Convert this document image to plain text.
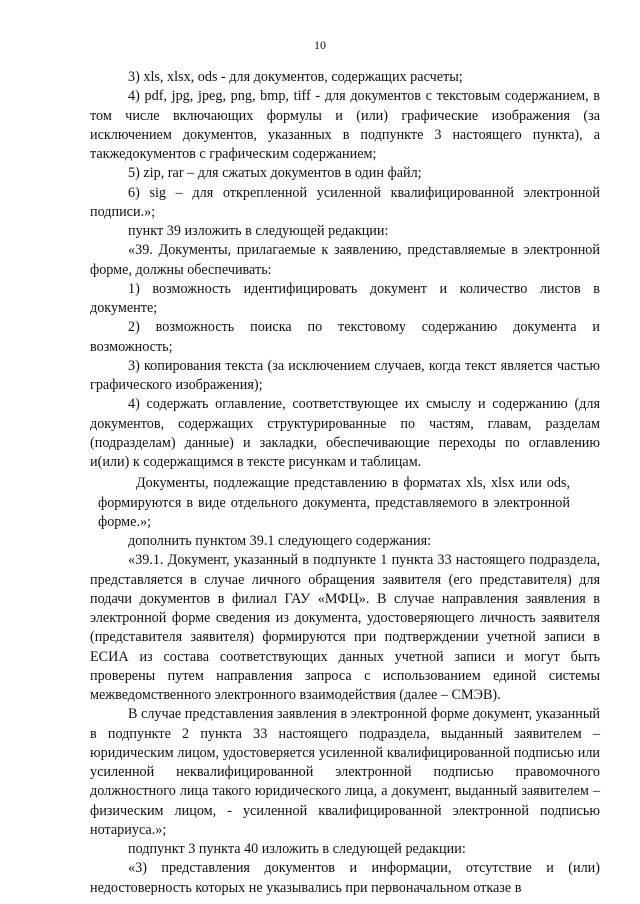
10

3) xls, xlsx, ods - для документов, содержащих расчеты;

4) pdf, jpg, jpeg, png, bmp, tiff - для документов с текстовым содержанием, в том числе включающих формулы и (или) графические изображения (за исключением документов, указанных в подпункте 3 настоящего пункта), а такжедокументов с графическим содержанием;

5) zip, rar – для сжатых документов в один файл;

6) sig – для открепленной усиленной квалифицированной электронной подписи.»;

пункт 39 изложить в следующей редакции:

«39. Документы, прилагаемые к заявлению, представляемые в электронной форме, должны обеспечивать:

1) возможность идентифицировать документ и количество листов в документе;

2) возможность поиска по текстовому содержанию документа и возможность;

3) копирования текста (за исключением случаев, когда текст является частью графического изображения);

4) содержать оглавление, соответствующее их смыслу и содержанию (для документов, содержащих структурированные по частям, главам, разделам (подразделам) данные) и закладки, обеспечивающие переходы по оглавлению и(или) к содержащимся в тексте рисункам и таблицам.

Документы, подлежащие представлению в форматах xls, xlsx или ods, формируются в виде отдельного документа, представляемого в электронной форме.»;

дополнить пунктом 39.1 следующего содержания:

«39.1. Документ, указанный в подпункте 1 пункта 33 настоящего подраздела, представляется в случае личного обращения заявителя (его представителя) для подачи документов в филиал ГАУ «МФЦ». В случае направления заявления в электронной форме сведения из документа, удостоверяющего личность заявителя (представителя заявителя) формируются при подтверждении учетной записи в ЕСИА из состава соответствующих данных учетной записи и могут быть проверены путем направления запроса с использованием единой системы межведомственного электронного взаимодействия (далее – СМЭВ).

В случае представления заявления в электронной форме документ, указанный в подпункте 2 пункта 33 настоящего подраздела, выданный заявителем – юридическим лицом, удостоверяется усиленной квалифицированной подписью или усиленной неквалифицированной электронной подписью правомочного должностного лица такого юридического лица, а документ, выданный заявителем – физическим лицом, - усиленной квалифицированной электронной подписью нотариуса.»;

подпункт 3 пункта 40 изложить в следующей редакции:

«3) представления документов и информации, отсутствие и (или) недостоверность которых не указывались при первоначальном отказе в
